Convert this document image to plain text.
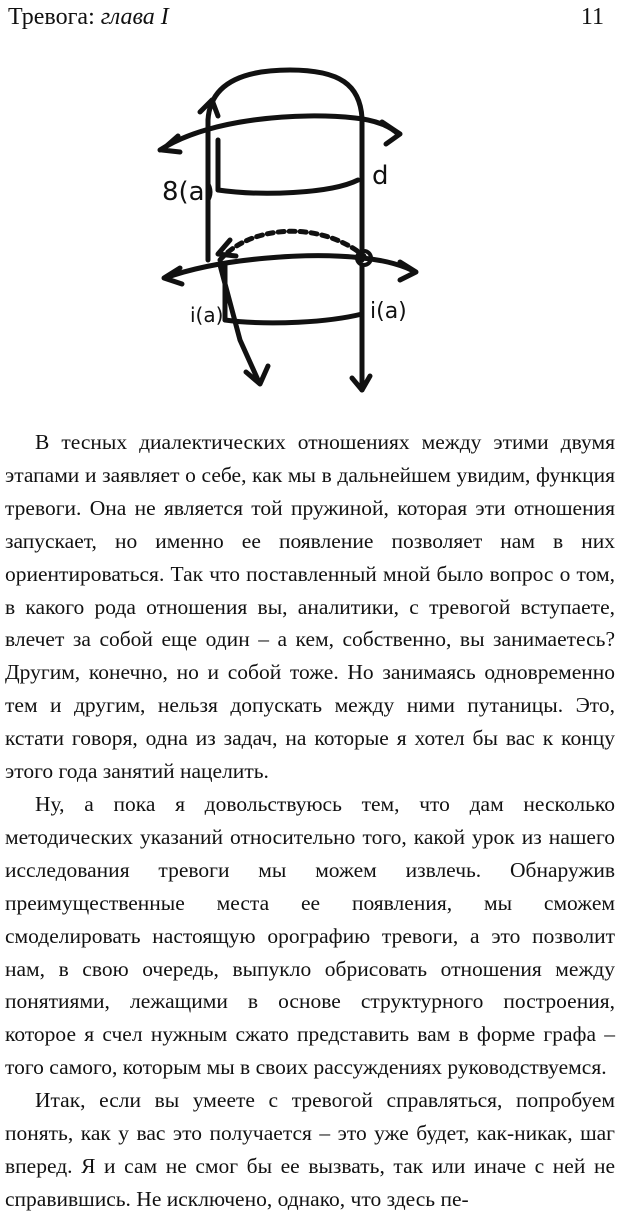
Тревога: глава I	11
8(a)
d
i(a)	i(a)

В тесных диалектических отношениях между этими двумя этапами и заявляет о себе, как мы в дальнейшем увидим, функция тревоги. Она не является той пружиной, которая эти отношения запускает, но именно ее появление позволяет нам в них ориентироваться. Так что поставленный мной было вопрос о том, в какого рода отношения вы, аналитики, с тревогой вступаете, влечет за собой еще один – а кем, собственно, вы занимаетесь? Другим, конечно, но и собой тоже. Но занимаясь одновременно тем и другим, нельзя допускать между ними путаницы. Это, кстати говоря, одна из задач, на которые я хотел бы вас к концу этого года занятий нацелить.

Ну, а пока я довольствуюсь тем, что дам несколько методических указаний относительно того, какой урок из нашего исследования тревоги мы можем извлечь. Обнаружив преимущественные места ее появления, мы сможем смоделировать настоящую орографию тревоги, а это позволит нам, в свою очередь, выпукло обрисовать отношения между понятиями, лежащими в основе структурного построения, которое я счел нужным сжато представить вам в форме графа – того самого, которым мы в своих рассуждениях руководствуемся.

Итак, если вы умеете с тревогой справляться, попробуем понять, как у вас это получается – это уже будет, как-никак, шаг вперед. Я и сам не смог бы ее вызвать, так или иначе с ней не справившись. Не исключено, однако, что здесь пе-
